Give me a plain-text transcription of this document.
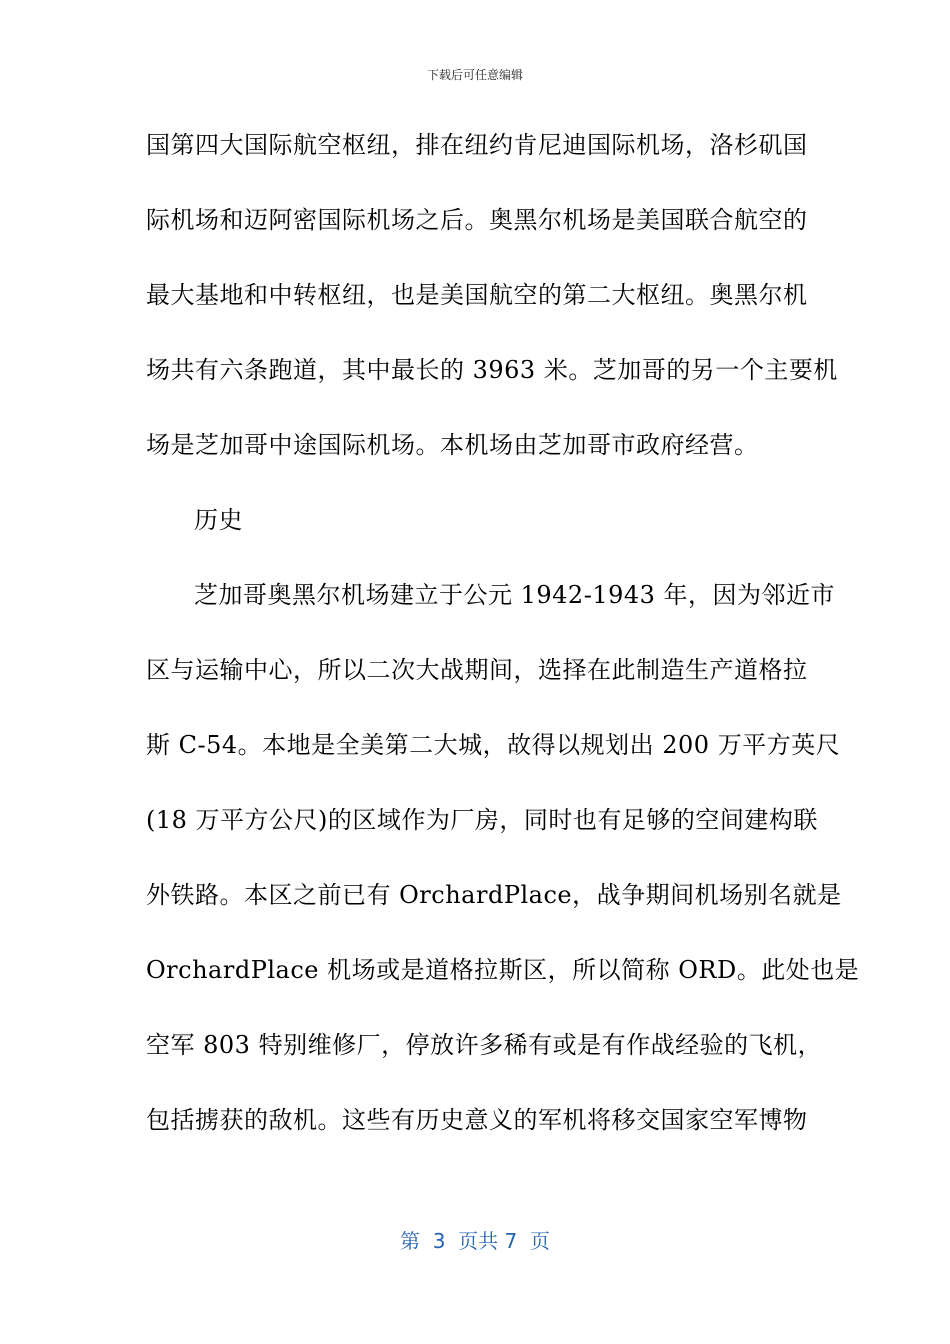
下载后可任意编辑
国第四大国际航空枢纽，排在纽约肯尼迪国际机场，洛杉矶国
际机场和迈阿密国际机场之后。奥黑尔机场是美国联合航空的
最大基地和中转枢纽，也是美国航空的第二大枢纽。奥黑尔机
场共有六条跑道，其中最长的 3963 米。芝加哥的另一个主要机
场是芝加哥中途国际机场。本机场由芝加哥市政府经营。
历史
芝加哥奥黑尔机场建立于公元 1942-1943 年，因为邻近市
区与运输中心，所以二次大战期间，选择在此制造生产道格拉
斯 C-54。本地是全美第二大城，故得以规划出 200 万平方英尺
(18 万平方公尺)的区域作为厂房，同时也有足够的空间建构联
外铁路。本区之前已有 OrchardPlace，战争期间机场别名就是
OrchardPlace 机场或是道格拉斯区，所以简称 ORD。此处也是
空军 803 特别维修厂，停放许多稀有或是有作战经验的飞机，
包括掳获的敌机。这些有历史意义的军机将移交国家空军博物
第  3  页共 7  页
